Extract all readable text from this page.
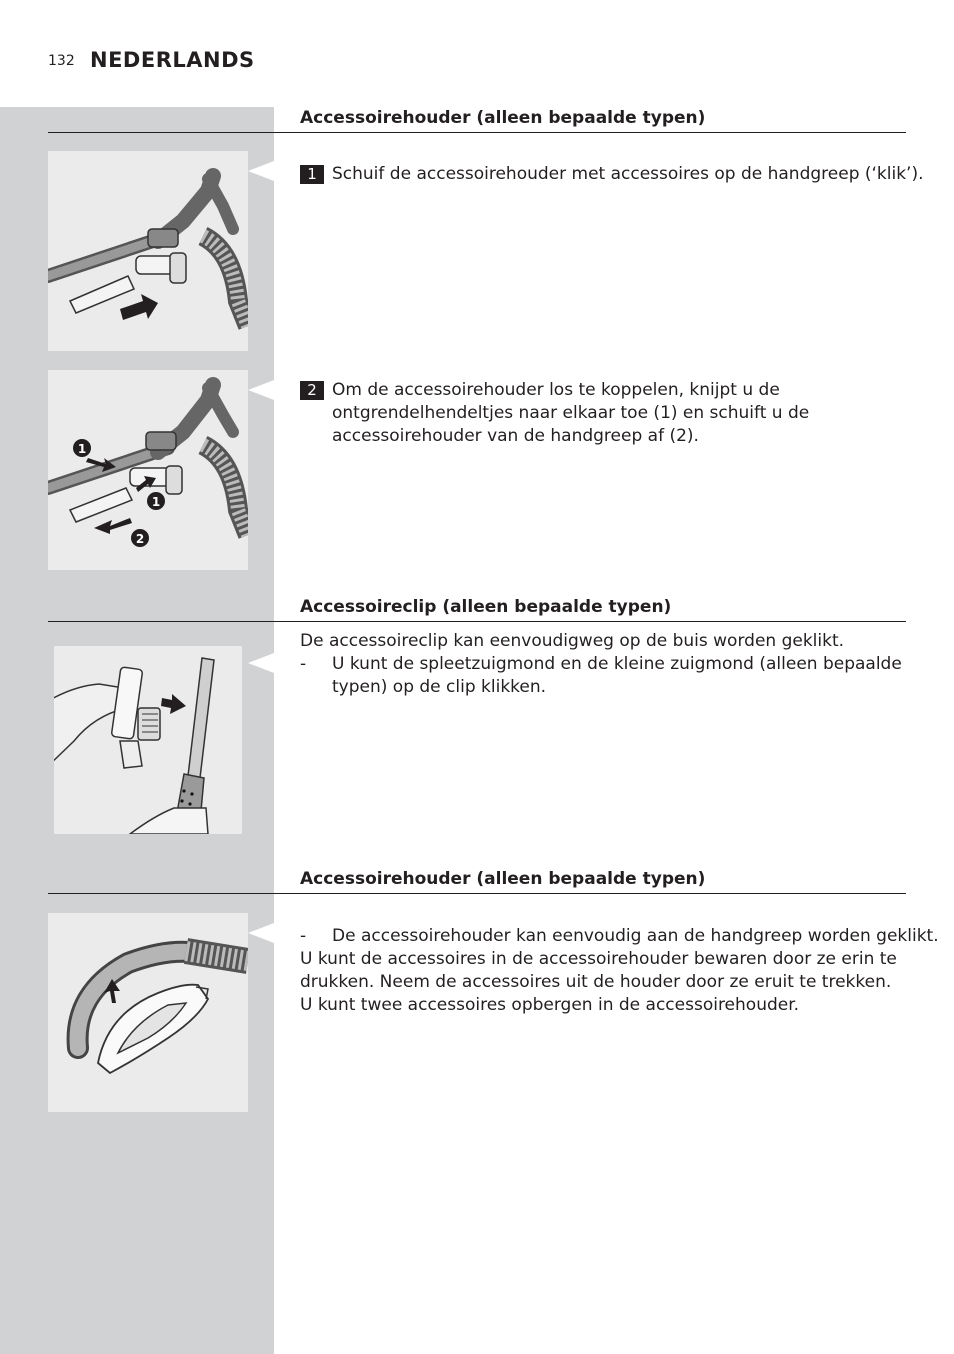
132 NEDERLANDS
Accessoirehouder (alleen bepaalde typen)
1 Schuif de accessoirehouder met accessoires op de handgreep (‘klik’).
1
1
2
2 Om de accessoirehouder los te koppelen, knijpt u de
ontgrendelhendeltjes naar elkaar toe (1) en schuift u de
accessoirehouder van de handgreep af (2).
Accessoireclip (alleen bepaalde typen)
De accessoireclip kan eenvoudigweg op de buis worden geklikt.
- U kunt de spleetzuigmond en de kleine zuigmond (alleen bepaalde
typen) op de clip klikken.
Accessoirehouder (alleen bepaalde typen)
- De accessoirehouder kan eenvoudig aan de handgreep worden geklikt.
U kunt de accessoires in de accessoirehouder bewaren door ze erin te
drukken. Neem de accessoires uit de houder door ze eruit te trekken.
U kunt twee accessoires opbergen in de accessoirehouder.
